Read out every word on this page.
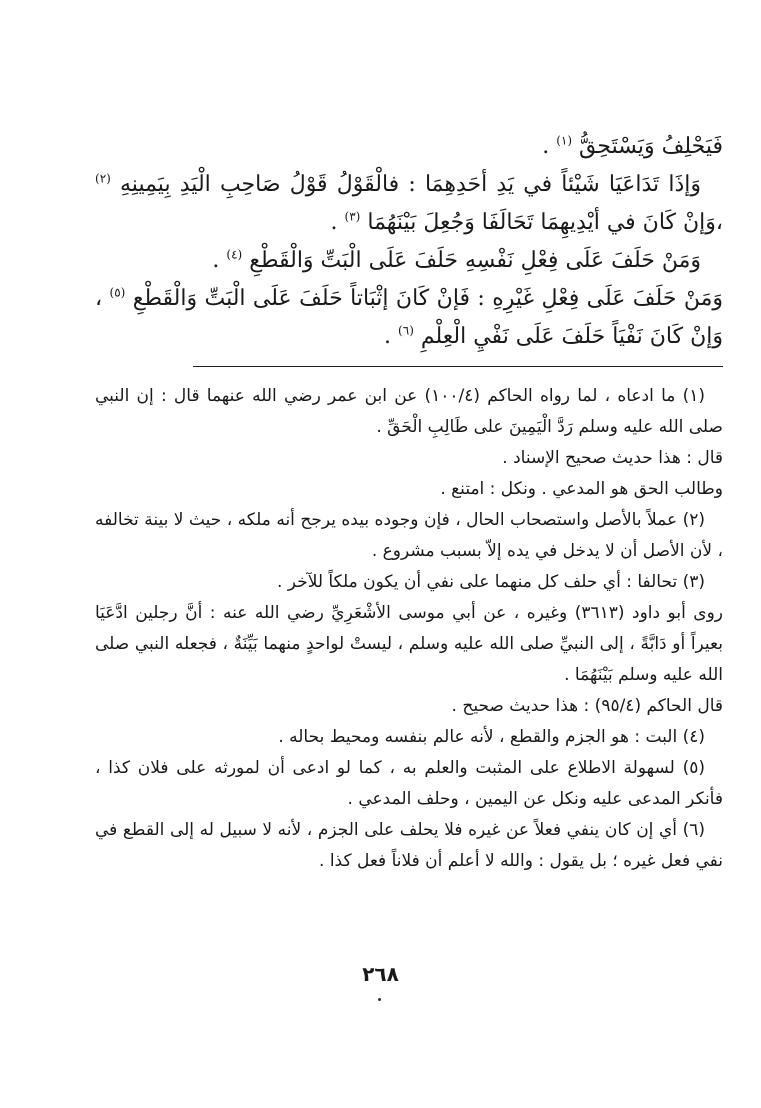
فَيَحْلِفُ وَيَسْتَحِقُّ $^{(١)}$ .

وَإذَا تَدَاعَيَا شَيْئاً في يَدِ أحَدِهِمَا : فالْقَوْلُ قَوْلُ صَاحِبِ الْيَدِ بِيَمِينِهِ $^{(٢)}$ ،وَإنْ كَانَ في أيْدِيهِمَا تَحَالَفَا وَجُعِلَ بَيْنَهُمَا $^{(٣)}$ .

وَمَنْ حَلَفَ عَلَى فِعْلِ نَفْسِهِ حَلَفَ عَلَى الْبَتِّ وَالْقَطْعِ $^{(٤)}$ .

وَمَنْ حَلَفَ عَلَى فِعْلِ غَيْرِهِ : فَإنْ كَانَ إثْبَاتاً حَلَفَ عَلَى الْبَتِّ وَالْقَطْعِ $^{(٥)}$ ، وَإنْ كَانَ نَفْيَاً حَلَفَ عَلَى نَفْيِ الْعِلْمِ $^{(٦)}$ .

(١) ما ادعاه ، لما رواه الحاكم (١٠٠/٤) عن ابن عمر رضي الله عنهما قال : إن النبي صلى الله عليه وسلم رَدَّ الْيَمِينَ على طَالِبِ الْحَقِّ .

قال : هذا حديث صحيح الإسناد .

وطالب الحق هو المدعي . ونكل : امتنع .

(٢) عملاً بالأصل واستصحاب الحال ، فإن وجوده بيده يرجح أنه ملكه ، حيث لا بينة تخالفه ، لأن الأصل أن لا يدخل في يده إلاّ بسبب مشروع .

(٣) تحالفا : أي حلف كل منهما على نفي أن يكون ملكاً للآخر .

روى أبو داود (٣٦١٣) وغيره ، عن أبي موسى الأشْعَرِيِّ رضي الله عنه : أنَّ رجلين ادَّعَيَا بعيراً أو دَابَّةً ، إلى النبيِّ صلى الله عليه وسلم ، ليستْ لواحدٍ منهما بَيِّنَةٌ ، فجعله النبي صلى الله عليه وسلم بَيْنَهُمَا .

قال الحاكم (٩٥/٤) : هذا حديث صحيح .

(٤) البت : هو الجزم والقطع ، لأنه عالم بنفسه ومحيط بحاله .

(٥) لسهولة الاطلاع على المثبت والعلم به ، كما لو ادعى أن لمورثه على فلان كذا ، فأنكر المدعى عليه ونكل عن اليمين ، وحلف المدعي .

(٦) أي إن كان ينفي فعلاً عن غيره فلا يحلف على الجزم ، لأنه لا سبيل له إلى القطع في نفي فعل غيره ؛ بل يقول : والله لا أعلم أن فلاناً فعل كذا .

٢٦٨
